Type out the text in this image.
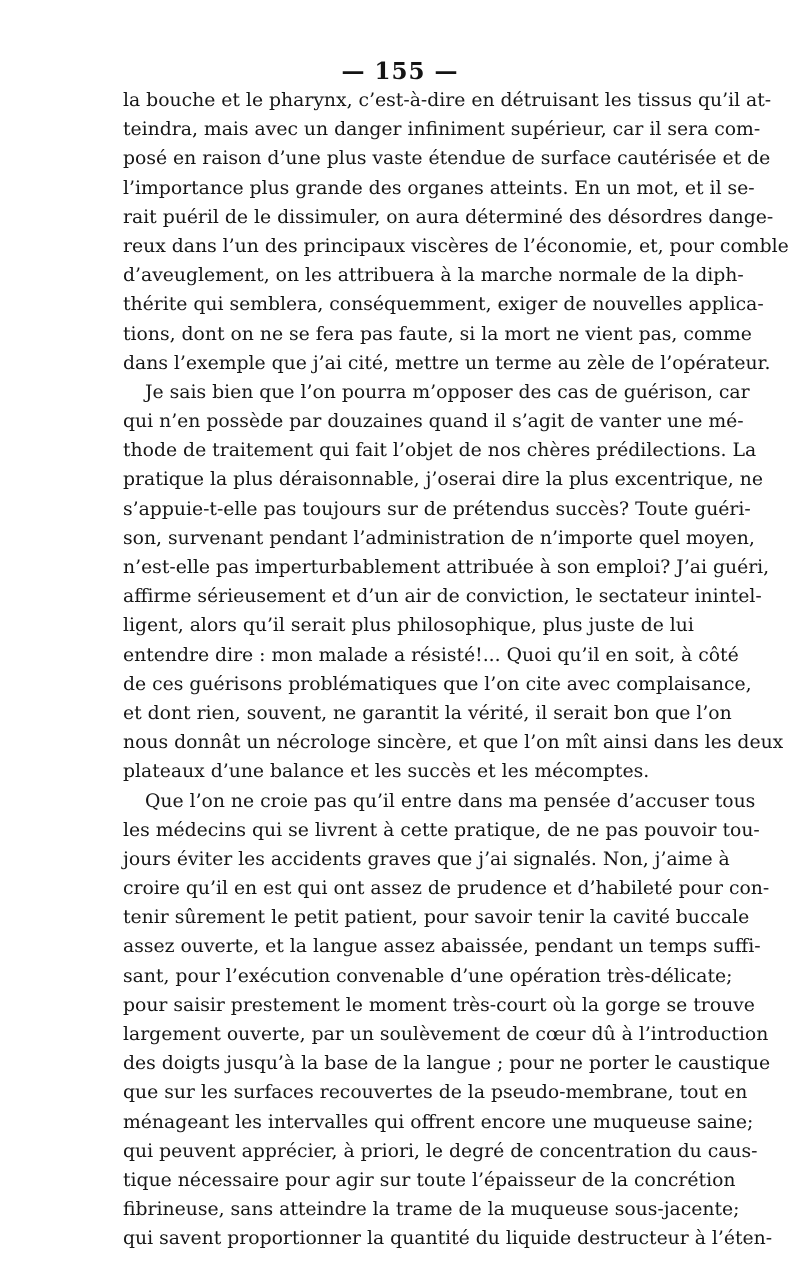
— 155 —
la bouche et le pharynx, c’est-à-dire en détruisant les tissus qu’il at-
teindra, mais avec un danger infiniment supérieur, car il sera com-
posé en raison d’une plus vaste étendue de surface cautérisée et de
l’importance plus grande des organes atteints. En un mot, et il se-
rait puéril de le dissimuler, on aura déterminé des désordres dange-
reux dans l’un des principaux viscères de l’économie, et, pour comble
d’aveuglement, on les attribuera à la marche normale de la diph-
thérite qui semblera, conséquemment, exiger de nouvelles applica-
tions, dont on ne se fera pas faute, si la mort ne vient pas, comme
dans l’exemple que j’ai cité, mettre un terme au zèle de l’opérateur.
Je sais bien que l’on pourra m’opposer des cas de guérison, car
qui n’en possède par douzaines quand il s’agit de vanter une mé-
thode de traitement qui fait l’objet de nos chères prédilections. La
pratique la plus déraisonnable, j’oserai dire la plus excentrique, ne
s’appuie-t-elle pas toujours sur de prétendus succès? Toute guéri-
son, survenant pendant l’administration de n’importe quel moyen,
n’est-elle pas imperturbablement attribuée à son emploi? J’ai guéri,
affirme sérieusement et d’un air de conviction, le sectateur inintel-
ligent, alors qu’il serait plus philosophique, plus juste de lui
entendre dire : mon malade a résisté!... Quoi qu’il en soit, à côté
de ces guérisons problématiques que l’on cite avec complaisance,
et dont rien, souvent, ne garantit la vérité, il serait bon que l’on
nous donnât un nécrologe sincère, et que l’on mît ainsi dans les deux
plateaux d’une balance et les succès et les mécomptes.
Que l’on ne croie pas qu’il entre dans ma pensée d’accuser tous
les médecins qui se livrent à cette pratique, de ne pas pouvoir tou-
jours éviter les accidents graves que j’ai signalés. Non, j’aime à
croire qu’il en est qui ont assez de prudence et d’habileté pour con-
tenir sûrement le petit patient, pour savoir tenir la cavité buccale
assez ouverte, et la langue assez abaissée, pendant un temps suffi-
sant, pour l’exécution convenable d’une opération très-délicate;
pour saisir prestement le moment très-court où la gorge se trouve
largement ouverte, par un soulèvement de cœur dû à l’introduction
des doigts jusqu’à la base de la langue ; pour ne porter le caustique
que sur les surfaces recouvertes de la pseudo-membrane, tout en
ménageant les intervalles qui offrent encore une muqueuse saine;
qui peuvent apprécier, à priori, le degré de concentration du caus-
tique nécessaire pour agir sur toute l’épaisseur de la concrétion
fibrineuse, sans atteindre la trame de la muqueuse sous-jacente;
qui savent proportionner la quantité du liquide destructeur à l’éten-
